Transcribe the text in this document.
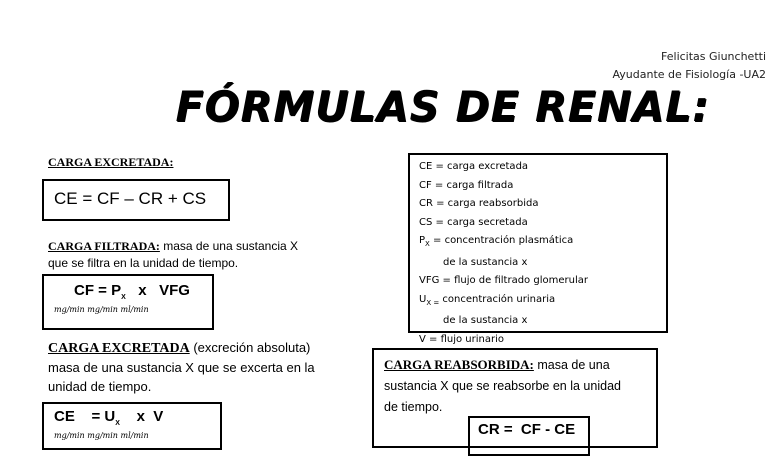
Felicitas Giunchetti
Ayudante de Fisiología -UA2
FÓRMULAS DE RENAL:
CARGA EXCRETADA:
CE = CF – CR + CS
CARGA FILTRADA: masa de una sustancia X
que se filtra en la unidad de tiempo.
CF = $P_X$   x   VFG
mg/min mg/min ml/min
CARGA EXCRETADA (excreción absoluta)
masa de una sustancia X que se excerta en la
unidad de tiempo.
CE    = $U_X$    x  V
mg/min mg/min ml/min
CE = carga excretada
CF = carga filtrada
CR = carga reabsorbida
CS = carga secretada
$P_X$ = concentración plasmática
de la sustancia x
VFG = flujo de filtrado glomerular
$U_{X =}$ concentración urinaria
de la sustancia x
V = flujo urinario
CARGA REABSORBIDA: masa de una
sustancia X que se reabsorbe en la unidad
de tiempo.
CR =  CF - CE
